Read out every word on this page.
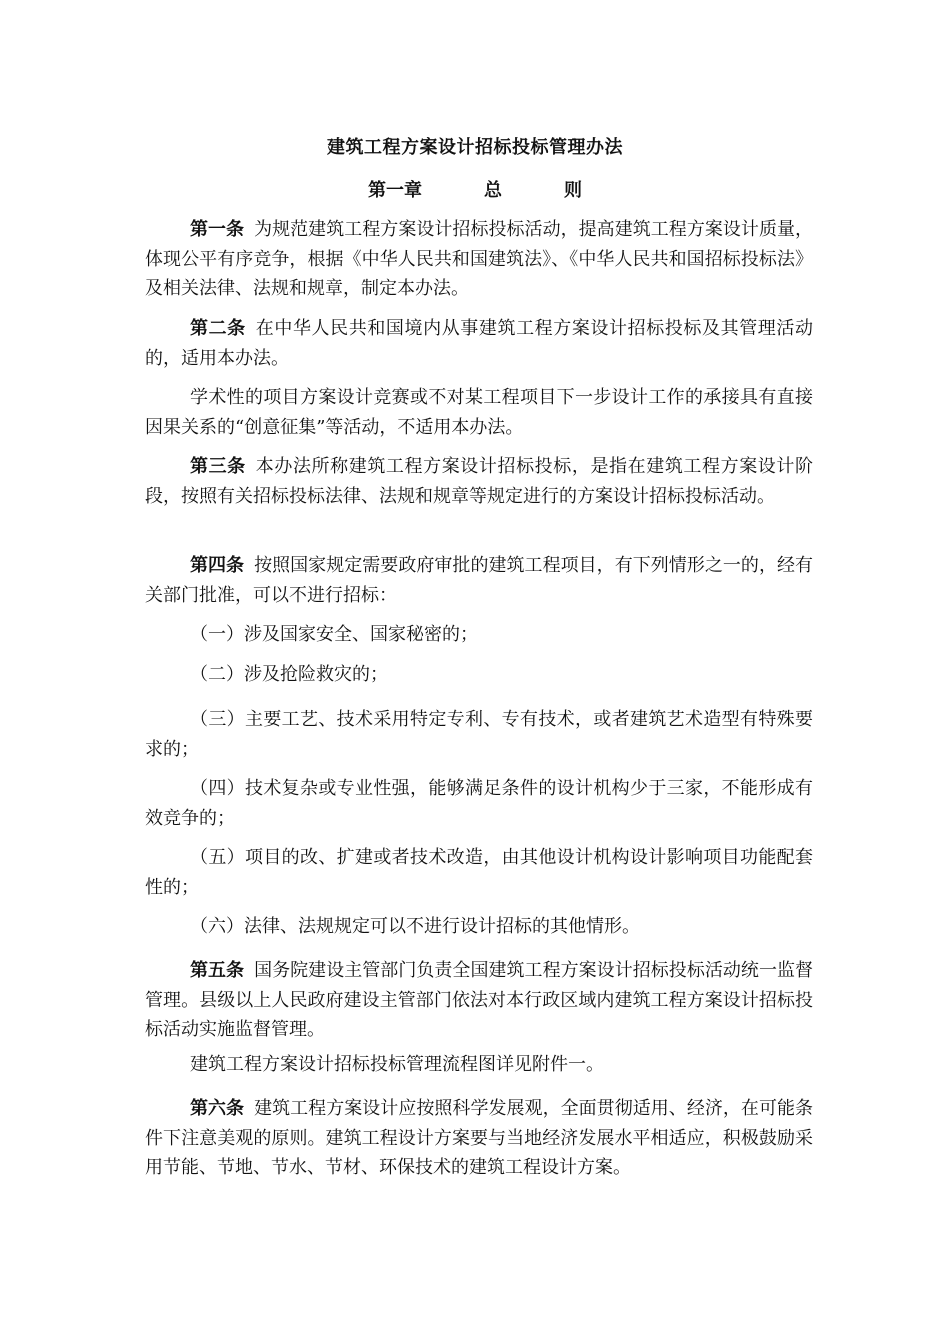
建筑工程方案设计招标投标管理办法
第一章	总	则

第一条 为规范建筑工程方案设计招标投标活动，提高建筑工程方案设计质量，体现公平有序竞争，根据《中华人民共和国建筑法》、《中华人民共和国招标投标法》及相关法律、法规和规章，制定本办法。

第二条 在中华人民共和国境内从事建筑工程方案设计招标投标及其管理活动的，适用本办法。

学术性的项目方案设计竞赛或不对某工程项目下一步设计工作的承接具有直接因果关系的“创意征集”等活动，不适用本办法。

第三条 本办法所称建筑工程方案设计招标投标，是指在建筑工程方案设计阶段，按照有关招标投标法律、法规和规章等规定进行的方案设计招标投标活动。

第四条 按照国家规定需要政府审批的建筑工程项目，有下列情形之一的，经有关部门批准，可以不进行招标：

（一）涉及国家安全、国家秘密的；

（二）涉及抢险救灾的；

（三）主要工艺、技术采用特定专利、专有技术，或者建筑艺术造型有特殊要求的；

（四）技术复杂或专业性强，能够满足条件的设计机构少于三家，不能形成有效竞争的；

（五）项目的改、扩建或者技术改造，由其他设计机构设计影响项目功能配套性的；

（六）法律、法规规定可以不进行设计招标的其他情形。

第五条 国务院建设主管部门负责全国建筑工程方案设计招标投标活动统一监督管理。县级以上人民政府建设主管部门依法对本行政区域内建筑工程方案设计招标投标活动实施监督管理。

建筑工程方案设计招标投标管理流程图详见附件一。

第六条 建筑工程方案设计应按照科学发展观，全面贯彻适用、经济，在可能条件下注意美观的原则。建筑工程设计方案要与当地经济发展水平相适应，积极鼓励采用节能、节地、节水、节材、环保技术的建筑工程设计方案。
